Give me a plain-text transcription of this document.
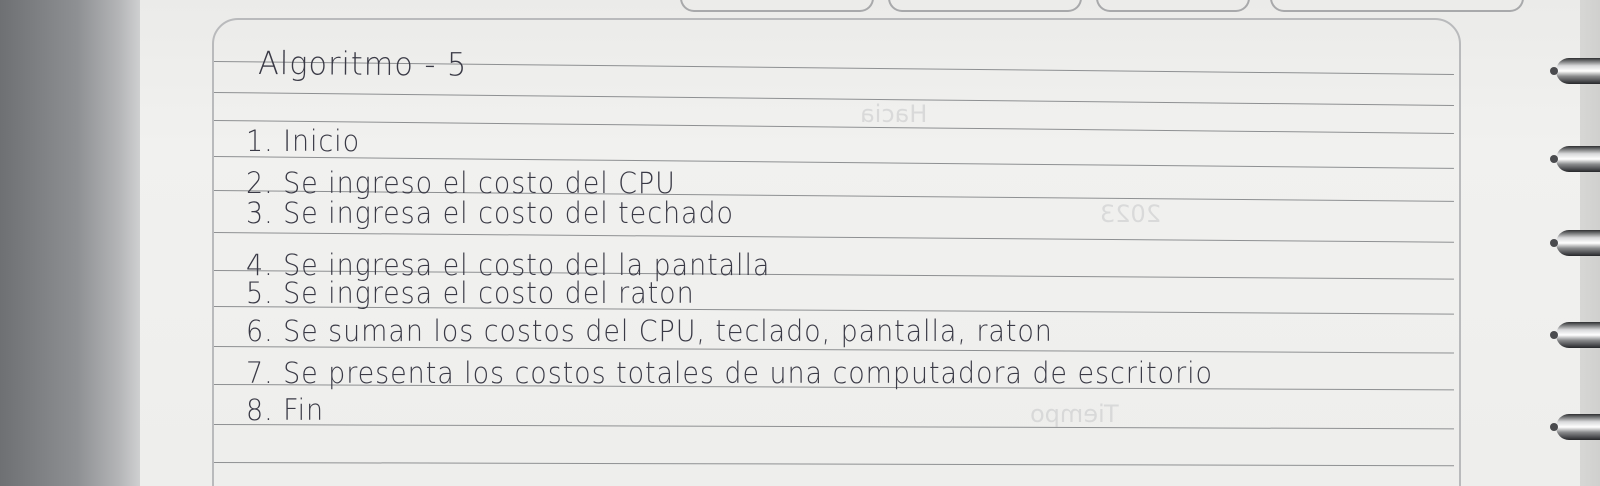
Hacia
2023
Tiempo
Algoritmo - 5
1. Inicio
2. Se ingreso el costo del CPU
3. Se ingresa el costo del techado
4. Se ingresa el costo del la pantalla
5. Se ingresa el costo del raton
6. Se suman los costos del CPU, teclado, pantalla, raton
7. Se presenta los costos totales de una computadora de escritorio
8. Fin
